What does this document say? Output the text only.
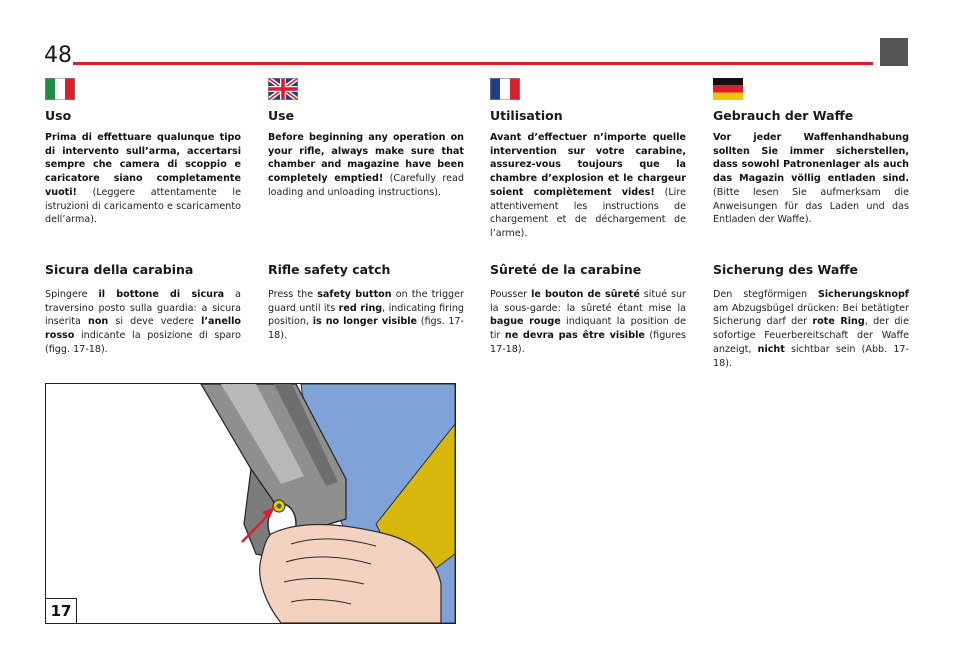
48
Uso

Prima di effettuare qualunque tipo di intervento sull’arma, accertarsi sempre che camera di scoppio e caricatore siano completamente vuoti! (Leggere attentamente le istruzioni di caricamento e scaricamento dell’arma).

Sicura della carabina

Spingere il bottone di sicura a traversino posto sulla guardia: a sicura inserita non si deve vedere l’anello rosso indicante la posizione di sparo (figg. 17-18).

Use

Before beginning any operation on your rifle, always make sure that chamber and magazine have been completely emptied! (Carefully read loading and unloading instructions).

Rifle safety catch

Press the safety button on the trigger guard until its red ring, indicating firing position, is no longer visible (figs. 17-18).

Utilisation

Avant d’effectuer n’importe quelle intervention sur votre carabine, assurez-vous toujours que la chambre d’explosion et le chargeur soient complètement vides! (Lire attentivement les instructions de chargement et de déchargement de l’arme).

Sûreté de la carabine

Pousser le bouton de sûreté situé sur la sous-garde: la sûreté étant mise la bague rouge indiquant la position de tir ne devra pas être visible (figures 17-18).

Gebrauch der Waffe

Vor jeder Waffenhandhabung sollten Sie immer sicherstellen, dass sowohl Patronenlager als auch das Magazin völlig entladen sind. (Bitte lesen Sie aufmerksam die Anweisungen für das Laden und das Entladen der Waffe).

Sicherung des Waffe

Den stegförmigen Sicherungsknopf am Abzugsbügel drücken: Bei betätigter Sicherung darf der rote Ring, der die sofortige Feuerbereitschaft der Waffe anzeigt, nicht sichtbar sein (Abb. 17-18).

17
